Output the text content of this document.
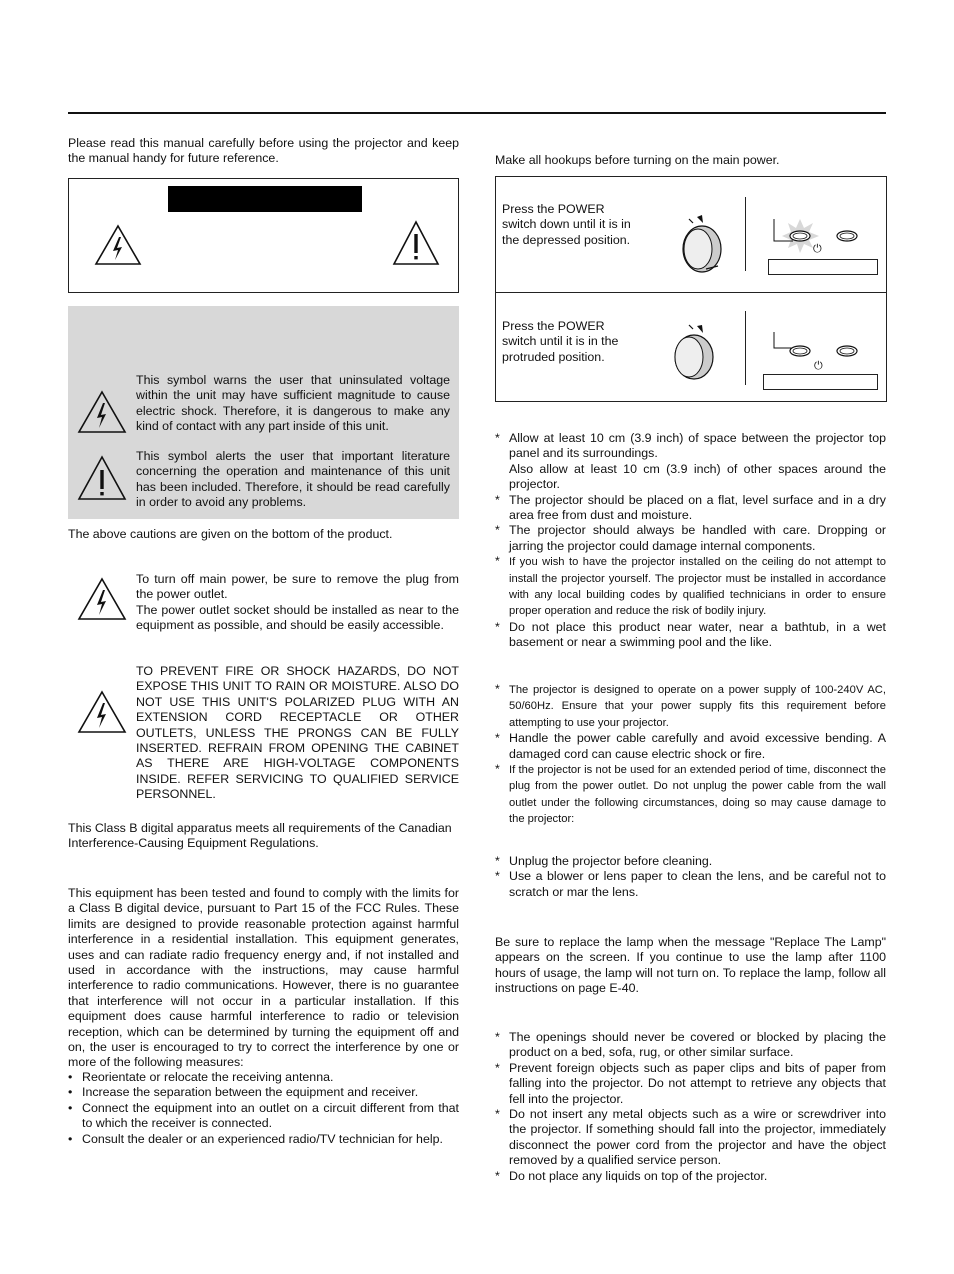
Please read this manual carefully before using the projector and keep the manual handy for future reference.

This symbol warns the user that uninsulated voltage within the unit may have sufficient magnitude to cause electric shock. Therefore, it is dangerous to make any kind of contact with any part inside of this unit.

This symbol alerts the user that important literature concerning the operation and maintenance of this unit has been included. Therefore, it should be read carefully in order to avoid any problems.

The above cautions are given on the bottom of the product.

To turn off main power, be sure to remove the plug from the power outlet.

The power outlet socket should be installed as near to the equipment as possible, and should be easily accessible.

TO PREVENT FIRE OR SHOCK HAZARDS, DO NOT EXPOSE THIS UNIT TO RAIN OR MOISTURE. ALSO DO NOT USE THIS UNIT'S POLARIZED PLUG WITH AN EXTENSION CORD RECEPTACLE OR OTHER OUTLETS, UNLESS THE PRONGS CAN BE FULLY INSERTED. REFRAIN FROM OPENING THE CABINET AS THERE ARE HIGH-VOLTAGE COMPONENTS INSIDE. REFER SERVICING TO QUALIFIED SERVICE PERSONNEL.

This Class B digital apparatus meets all requirements of the Canadian Interference-Causing Equipment Regulations.

This equipment has been tested and found to comply with the limits for a Class B digital device, pursuant to Part 15 of the FCC Rules. These limits are designed to provide reasonable protection against harmful interference in a residential installation. This equipment generates, uses and can radiate radio frequency energy and, if not installed and used in accordance with the instructions, may cause harmful interference to radio communications. However, there is no guarantee that interference will not occur in a particular installation. If this equipment does cause harmful interference to radio or television reception, which can be determined by turning the equipment off and on, the user is encouraged to try to correct the interference by one or more of the following measures:

• Reorientate or relocate the receiving antenna.
• Increase the separation between the equipment and receiver.
• Connect the equipment into an outlet on a circuit different from that to which the receiver is connected.
• Consult the dealer or an experienced radio/TV technician for help.

Make all hookups before turning on the main power.

Press the POWER switch down until it is in the depressed position.

⏻

Press the POWER switch until it is in the protruded position.

⏻
* Allow at least 10 cm (3.9 inch) of space between the projector top panel and its surroundings.
Also allow at least 10 cm (3.9 inch) of other spaces around the projector.
* The projector should be placed on a flat, level surface and in a dry area free from dust and moisture.
* The projector should always be handled with care. Dropping or jarring the projector could damage internal components.
* If you wish to have the projector installed on the ceiling do not attempt to install the projector yourself. The projector must be installed in accordance with any local building codes by qualified technicians in order to ensure proper operation and reduce the risk of bodily injury.
* Do not place this product near water, near a bathtub, in a wet basement or near a swimming pool and the like.
* The projector is designed to operate on a power supply of 100-240V AC, 50/60Hz. Ensure that your power supply fits this requirement before attempting to use your projector.
* Handle the power cable carefully and avoid excessive bending. A damaged cord can cause electric shock or fire.
* If the projector is not be used for an extended period of time, disconnect the plug from the power outlet. Do not unplug the power cable from the wall outlet under the following circumstances, doing so may cause damage to the projector:
* Unplug the projector before cleaning.
* Use a blower or lens paper to clean the lens, and be careful not to scratch or mar the lens.

Be sure to replace the lamp when the message "Replace The Lamp" appears on the screen. If you continue to use the lamp after 1100 hours of usage, the lamp will not turn on. To replace the lamp, follow all instructions on page E-40.

* The openings should never be covered or blocked by placing the product on a bed, sofa, rug, or other similar surface.
* Prevent foreign objects such as paper clips and bits of paper from falling into the projector. Do not attempt to retrieve any objects that fell into the projector.
* Do not insert any metal objects such as a wire or screwdriver into the projector. If something should fall into the projector, immediately disconnect the power cord from the projector and have the object removed by a qualified service person.
* Do not place any liquids on top of the projector.
